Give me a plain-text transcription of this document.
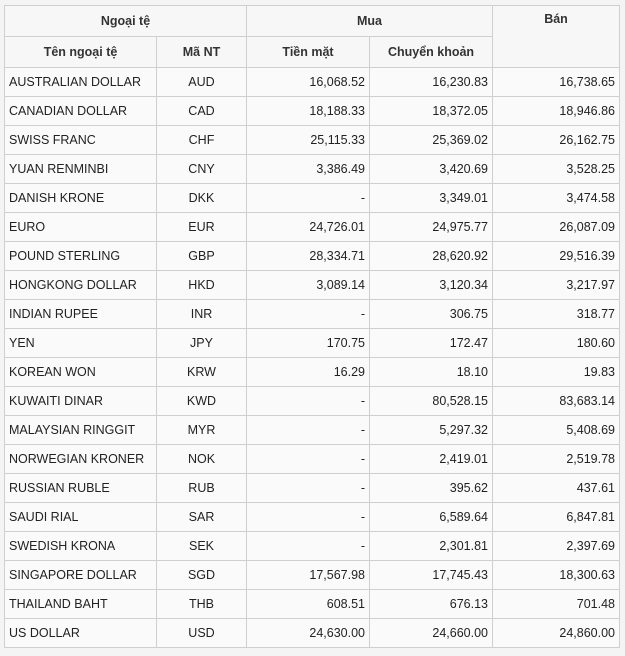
Ngoại tệ		Mua		Bán
Tên ngoại tệ	Mã NT	Tiền mặt	Chuyển khoản	
AUSTRALIAN DOLLAR	AUD	16,068.52	16,230.83	16,738.65
CANADIAN DOLLAR	CAD	18,188.33	18,372.05	18,946.86
SWISS FRANC	CHF	25,115.33	25,369.02	26,162.75
YUAN RENMINBI	CNY	3,386.49	3,420.69	3,528.25
DANISH KRONE	DKK	-	3,349.01	3,474.58
EURO	EUR	24,726.01	24,975.77	26,087.09
POUND STERLING	GBP	28,334.71	28,620.92	29,516.39
HONGKONG DOLLAR	HKD	3,089.14	3,120.34	3,217.97
INDIAN RUPEE	INR	-	306.75	318.77
YEN	JPY	170.75	172.47	180.60
KOREAN WON	KRW	16.29	18.10	19.83
KUWAITI DINAR	KWD	-	80,528.15	83,683.14
MALAYSIAN RINGGIT	MYR	-	5,297.32	5,408.69
NORWEGIAN KRONER	NOK	-	2,419.01	2,519.78
RUSSIAN RUBLE	RUB	-	395.62	437.61
SAUDI RIAL	SAR	-	6,589.64	6,847.81
SWEDISH KRONA	SEK	-	2,301.81	2,397.69
SINGAPORE DOLLAR	SGD	17,567.98	17,745.43	18,300.63
THAILAND BAHT	THB	608.51	676.13	701.48
US DOLLAR	USD	24,630.00	24,660.00	24,860.00
